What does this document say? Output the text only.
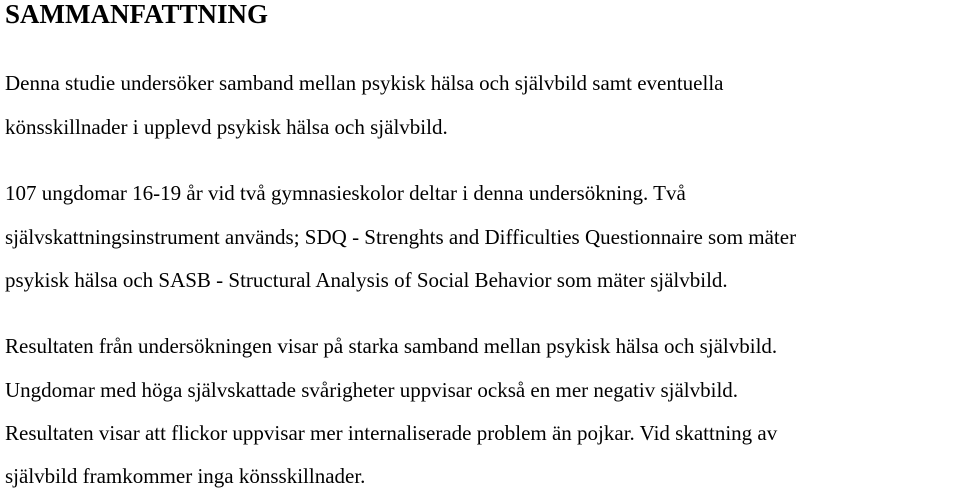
SAMMANFATTNING

Denna studie undersöker samband mellan psykisk hälsa och självbild samt eventuella

könsskillnader i upplevd psykisk hälsa och självbild.

107 ungdomar 16-19 år vid två gymnasieskolor deltar i denna undersökning. Två

självskattningsinstrument används; SDQ - Strenghts and Difficulties Questionnaire som mäter

psykisk hälsa och SASB - Structural Analysis of Social Behavior som mäter självbild.

Resultaten från undersökningen visar på starka samband mellan psykisk hälsa och självbild.

Ungdomar med höga självskattade svårigheter uppvisar också en mer negativ självbild.

Resultaten visar att flickor uppvisar mer internaliserade problem än pojkar. Vid skattning av

självbild framkommer inga könsskillnader.
